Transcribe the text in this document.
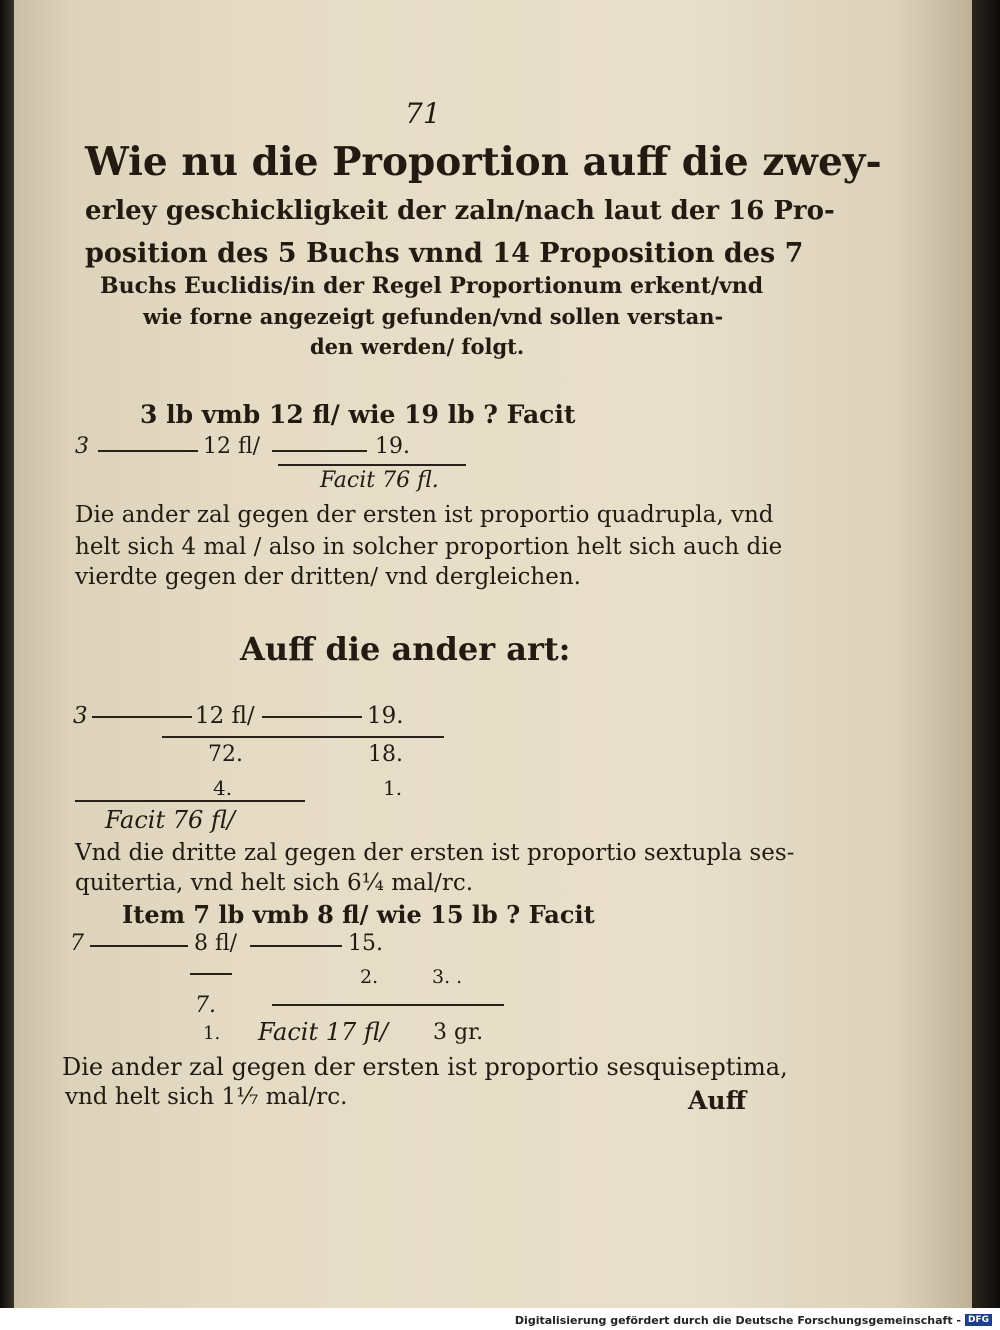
71
Wie nu die Proportion auff die zwey-
erley geschickligkeit der zaln/nach laut der 16 Pro-
position des 5 Buchs vnnd 14 Proposition des 7
Buchs Euclidis/in der Regel Proportionum erkent/vnd
wie forne angezeigt gefunden/vnd sollen verstan-
den werden/ folgt.
3 lb vmb 12 fl/ wie 19 lb ? Facit
3	12 fl/	19.
Facit 76 fl.
Die ander zal gegen der ersten ist proportio quadrupla, vnd
helt sich 4 mal / also in solcher proportion helt sich auch die
vierdte gegen der dritten/ vnd dergleichen.
Auff die ander art:
3	12 fl/	19.
72.	18.
4.	1.
Facit 76 fl/
Vnd die dritte zal gegen der ersten ist proportio sextupla ses-
quitertia, vnd helt sich 6¼ mal/rc.
Item 7 lb vmb 8 fl/ wie 15 lb ? Facit
7	8 fl/	15.
2.	3. .
7.
1. Facit 17 fl/ 3 gr.
Die ander zal gegen der ersten ist proportio sesquiseptima,
vnd helt sich 1⅐ mal/rc.	Auff
Digitalisierung gefördert durch die Deutsche Forschungsgemeinschaft - DFG
